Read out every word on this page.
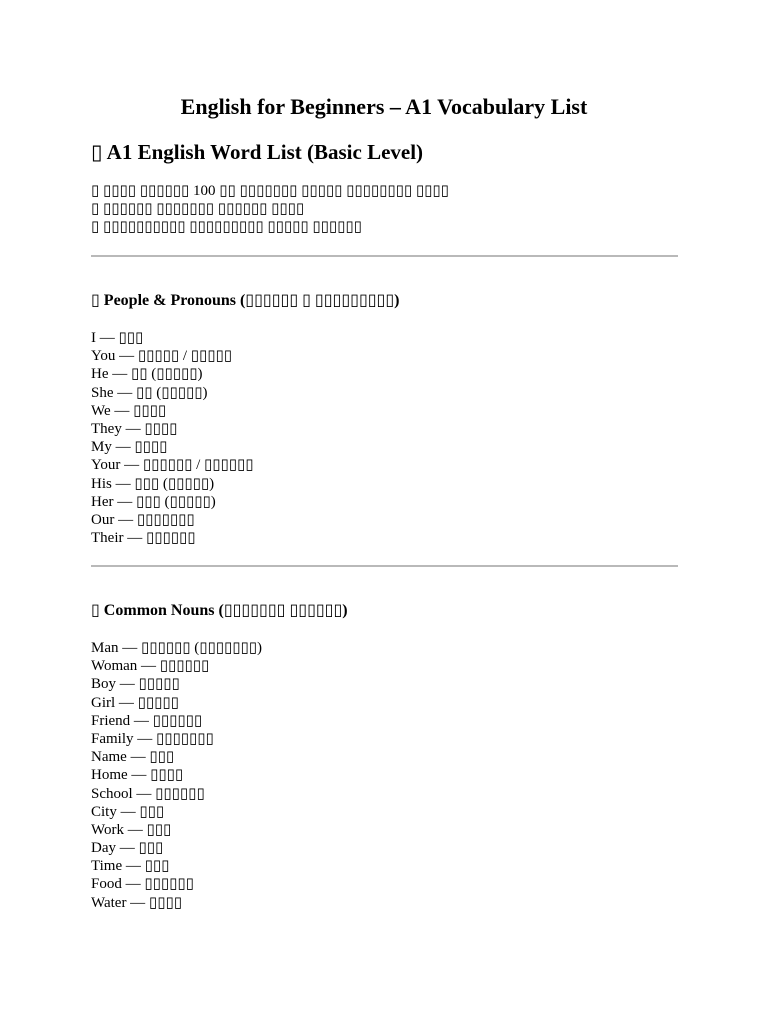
English for Beginners – A1 Vocabulary List
▯ A1 English Word List (Basic Level)
▯ ▯▯▯▯ ▯▯▯▯▯▯ 100 ▯▯ ▯▯▯▯▯▯▯ ▯▯▯▯▯ ▯▯▯▯▯▯▯▯ ▯▯▯▯
▯ ▯▯▯▯▯▯ ▯▯▯▯▯▯▯ ▯▯▯▯▯▯ ▯▯▯▯
▯ ▯▯▯▯▯▯▯▯▯▯ ▯▯▯▯▯▯▯▯▯ ▯▯▯▯▯ ▯▯▯▯▯▯
▯ People & Pronouns (▯▯▯▯▯▯ ▯ ▯▯▯▯▯▯▯▯▯)
I — ▯▯▯
You — ▯▯▯▯▯ / ▯▯▯▯▯
He — ▯▯ (▯▯▯▯▯)
She — ▯▯ (▯▯▯▯▯)
We — ▯▯▯▯
They — ▯▯▯▯
My — ▯▯▯▯
Your — ▯▯▯▯▯▯ / ▯▯▯▯▯▯
His — ▯▯▯ (▯▯▯▯▯)
Her — ▯▯▯ (▯▯▯▯▯)
Our — ▯▯▯▯▯▯▯
Their — ▯▯▯▯▯▯
▯ Common Nouns (▯▯▯▯▯▯▯ ▯▯▯▯▯▯)
Man — ▯▯▯▯▯▯ (▯▯▯▯▯▯▯)
Woman — ▯▯▯▯▯▯
Boy — ▯▯▯▯▯
Girl — ▯▯▯▯▯
Friend — ▯▯▯▯▯▯
Family — ▯▯▯▯▯▯▯
Name — ▯▯▯
Home — ▯▯▯▯
School — ▯▯▯▯▯▯
City — ▯▯▯
Work — ▯▯▯
Day — ▯▯▯
Time — ▯▯▯
Food — ▯▯▯▯▯▯
Water — ▯▯▯▯
